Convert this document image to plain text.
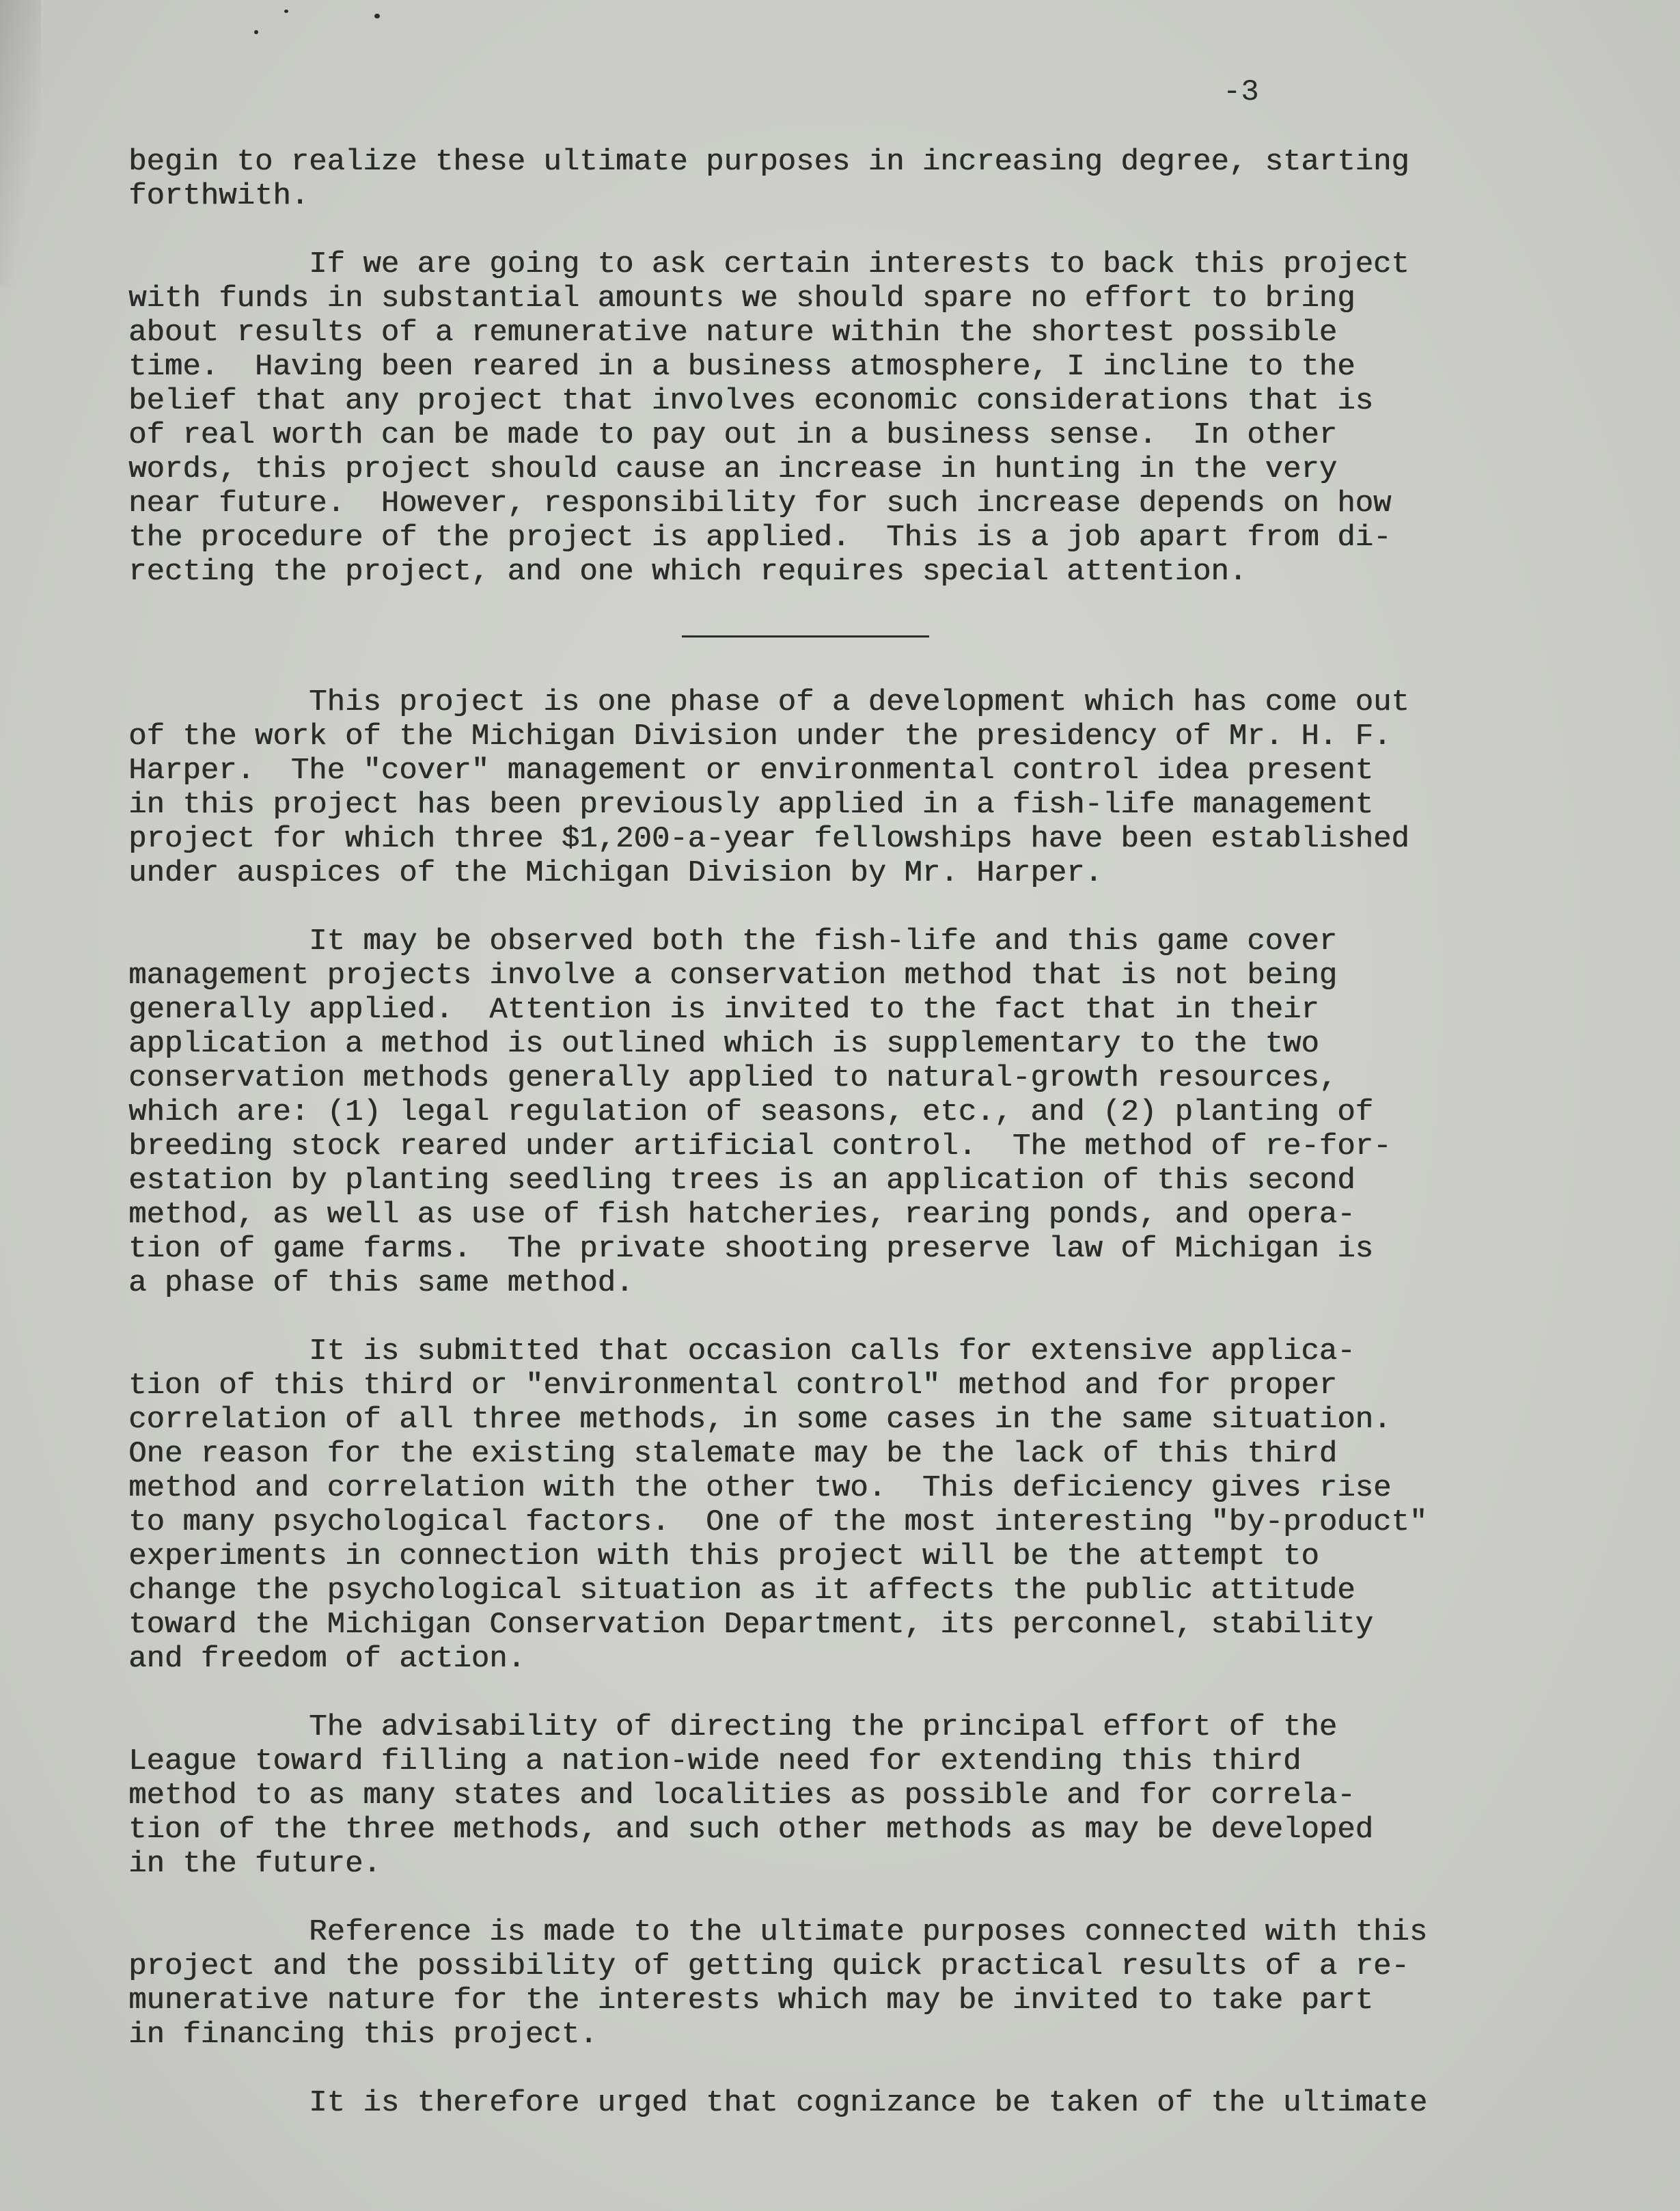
-3

begin to realize these ultimate purposes in increasing degree, starting
forthwith.

If we are going to ask certain interests to back this project
with funds in substantial amounts we should spare no effort to bring
about results of a remunerative nature within the shortest possible
time.  Having been reared in a business atmosphere, I incline to the
belief that any project that involves economic considerations that is
of real worth can be made to pay out in a business sense.  In other
words, this project should cause an increase in hunting in the very
near future.  However, responsibility for such increase depends on how
the procedure of the project is applied.  This is a job apart from di-
recting the project, and one which requires special attention.

This project is one phase of a development which has come out
of the work of the Michigan Division under the presidency of Mr. H. F.
Harper.  The "cover" management or environmental control idea present
in this project has been previously applied in a fish-life management
project for which three $1,200-a-year fellowships have been established
under auspices of the Michigan Division by Mr. Harper.

It may be observed both the fish-life and this game cover
management projects involve a conservation method that is not being
generally applied.  Attention is invited to the fact that in their
application a method is outlined which is supplementary to the two
conservation methods generally applied to natural-growth resources,
which are: (1) legal regulation of seasons, etc., and (2) planting of
breeding stock reared under artificial control.  The method of re-for-
estation by planting seedling trees is an application of this second
method, as well as use of fish hatcheries, rearing ponds, and opera-
tion of game farms.  The private shooting preserve law of Michigan is
a phase of this same method.

It is submitted that occasion calls for extensive applica-
tion of this third or "environmental control" method and for proper
correlation of all three methods, in some cases in the same situation.
One reason for the existing stalemate may be the lack of this third
method and correlation with the other two.  This deficiency gives rise
to many psychological factors.  One of the most interesting "by-product"
experiments in connection with this project will be the attempt to
change the psychological situation as it affects the public attitude
toward the Michigan Conservation Department, its perconnel, stability
and freedom of action.

The advisability of directing the principal effort of the
League toward filling a nation-wide need for extending this third
method to as many states and localities as possible and for correla-
tion of the three methods, and such other methods as may be developed
in the future.

Reference is made to the ultimate purposes connected with this
project and the possibility of getting quick practical results of a re-
munerative nature for the interests which may be invited to take part
in financing this project.

It is therefore urged that cognizance be taken of the ultimate
